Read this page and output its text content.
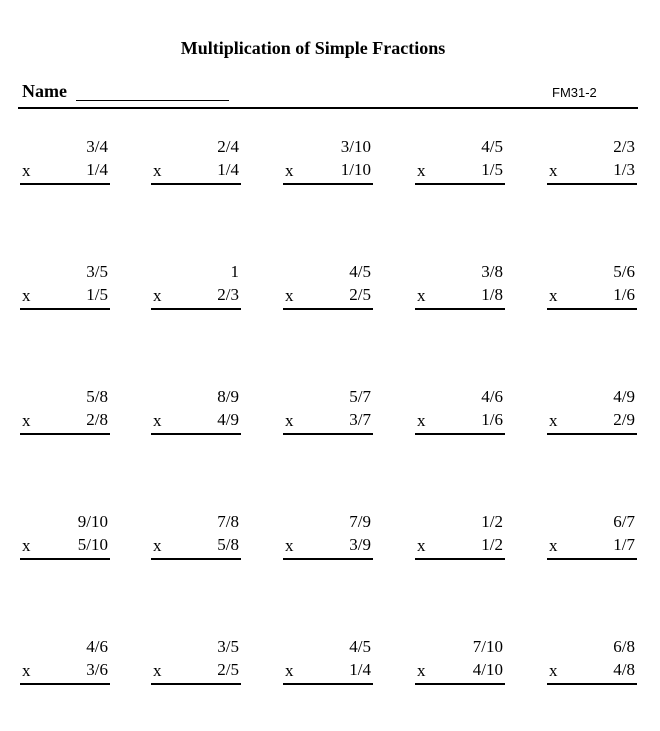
Multiplication of Simple Fractions
Name	FM31-2
3/4
x	1/4
2/4
x	1/4
3/10
x	1/10
4/5
x	1/5
2/3
x	1/3
3/5
x	1/5
1
x	2/3
4/5
x	2/5
3/8
x	1/8
5/6
x	1/6
5/8
x	2/8
8/9
x	4/9
5/7
x	3/7
4/6
x	1/6
4/9
x	2/9
9/10
x	5/10
7/8
x	5/8
7/9
x	3/9
1/2
x	1/2
6/7
x	1/7
4/6
x	3/6
3/5
x	2/5
4/5
x	1/4
7/10
x	4/10
6/8
x	4/8
